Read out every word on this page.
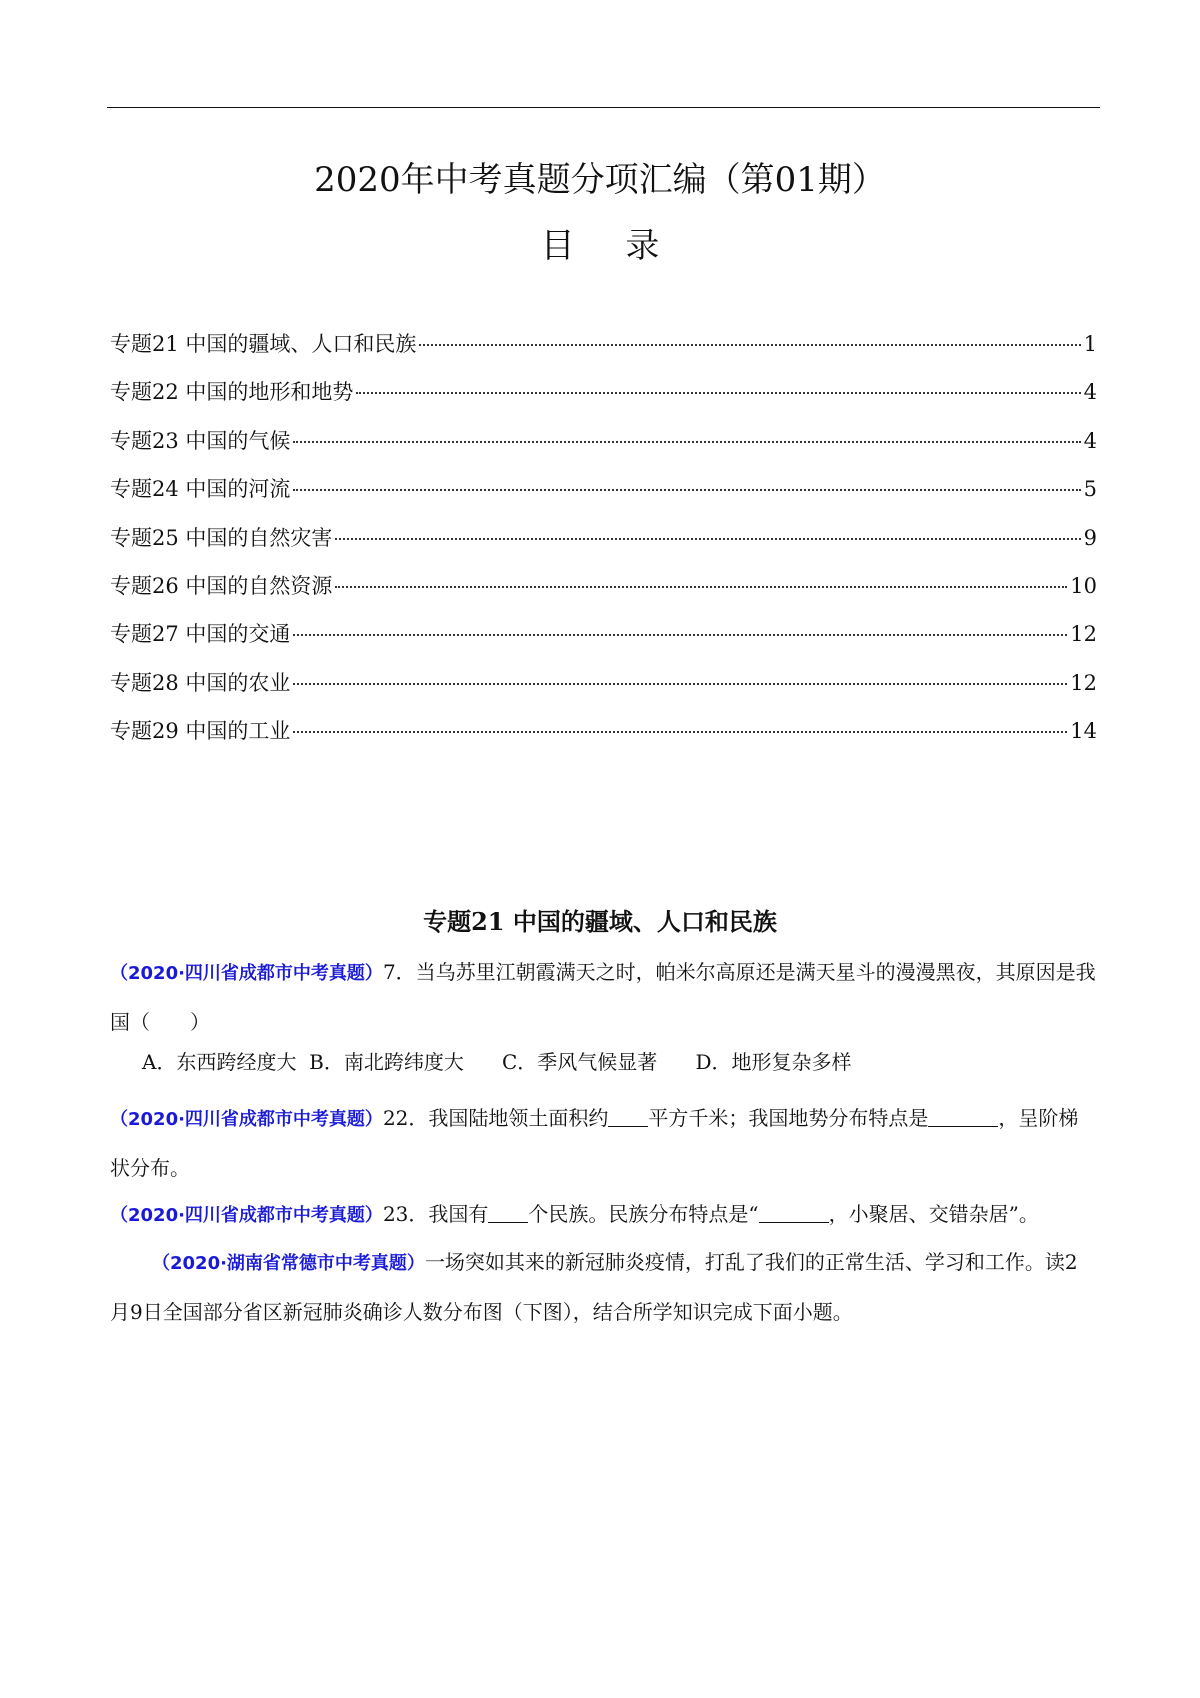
2020年中考真题分项汇编（第01期）
目 录
专题21 中国的疆域、人口和民族	1
专题22 中国的地形和地势	4
专题23 中国的气候	4
专题24 中国的河流	5
专题25 中国的自然灾害	9
专题26 中国的自然资源	10
专题27 中国的交通	12
专题28 中国的农业	12
专题29 中国的工业	14
专题21 中国的疆域、人口和民族

（2020·四川省成都市中考真题）7．当乌苏里江朝霞满天之时，帕米尔高原还是满天星斗的漫漫黑夜，其原因是我国（　　）

A．东西跨经度大  B．南北跨纬度大      C．季风气候显著      D．地形复杂多样

（2020·四川省成都市中考真题）22．我国陆地领土面积约 平方千米；我国地势分布特点是	，呈阶梯状分布。

（2020·四川省成都市中考真题）23．我国有 个民族。民族分布特点是“	，小聚居、交错杂居”。

（2020·湖南省常德市中考真题）一场突如其来的新冠肺炎疫情，打乱了我们的正常生活、学习和工作。读2月9日全国部分省区新冠肺炎确诊人数分布图（下图），结合所学知识完成下面小题。
